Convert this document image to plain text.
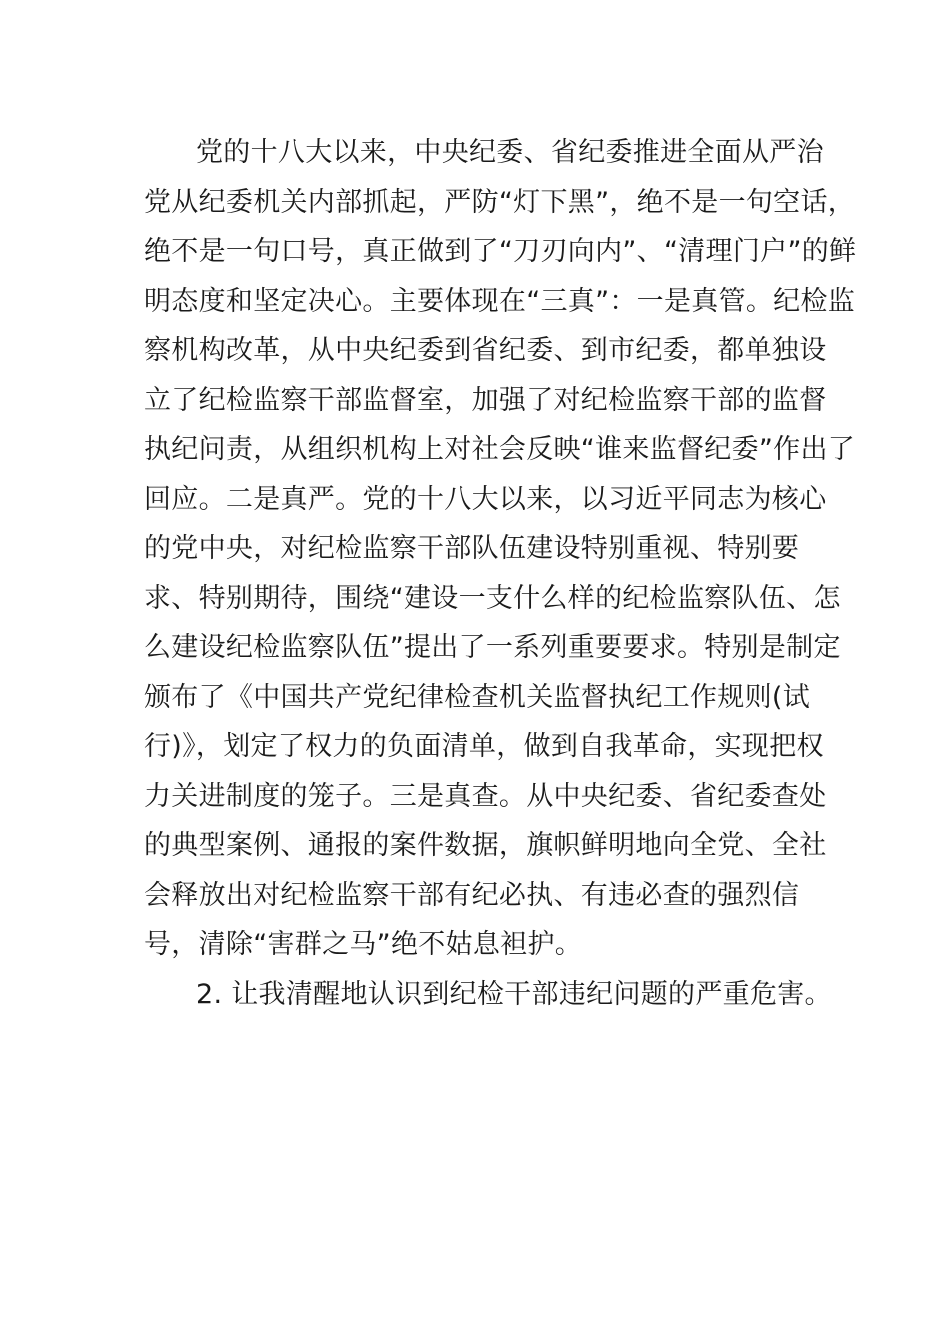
党的十八大以来，中央纪委、省纪委推进全面从严治
党从纪委机关内部抓起，严防“灯下黑”，绝不是一句空话，
绝不是一句口号，真正做到了“刀刃向内”、“清理门户”的鲜
明态度和坚定决心。主要体现在“三真”：一是真管。纪检监
察机构改革，从中央纪委到省纪委、到市纪委，都单独设
立了纪检监察干部监督室，加强了对纪检监察干部的监督
执纪问责，从组织机构上对社会反映“谁来监督纪委”作出了
回应。二是真严。党的十八大以来，以习近平同志为核心
的党中央，对纪检监察干部队伍建设特别重视、特别要
求、特别期待，围绕“建设一支什么样的纪检监察队伍、怎
么建设纪检监察队伍”提出了一系列重要要求。特别是制定
颁布了《中国共产党纪律检查机关监督执纪工作规则(试
行)》，划定了权力的负面清单，做到自我革命，实现把权
力关进制度的笼子。三是真查。从中央纪委、省纪委查处
的典型案例、通报的案件数据，旗帜鲜明地向全党、全社
会释放出对纪检监察干部有纪必执、有违必查的强烈信
号，清除“害群之马”绝不姑息袒护。
2. 让我清醒地认识到纪检干部违纪问题的严重危害。
